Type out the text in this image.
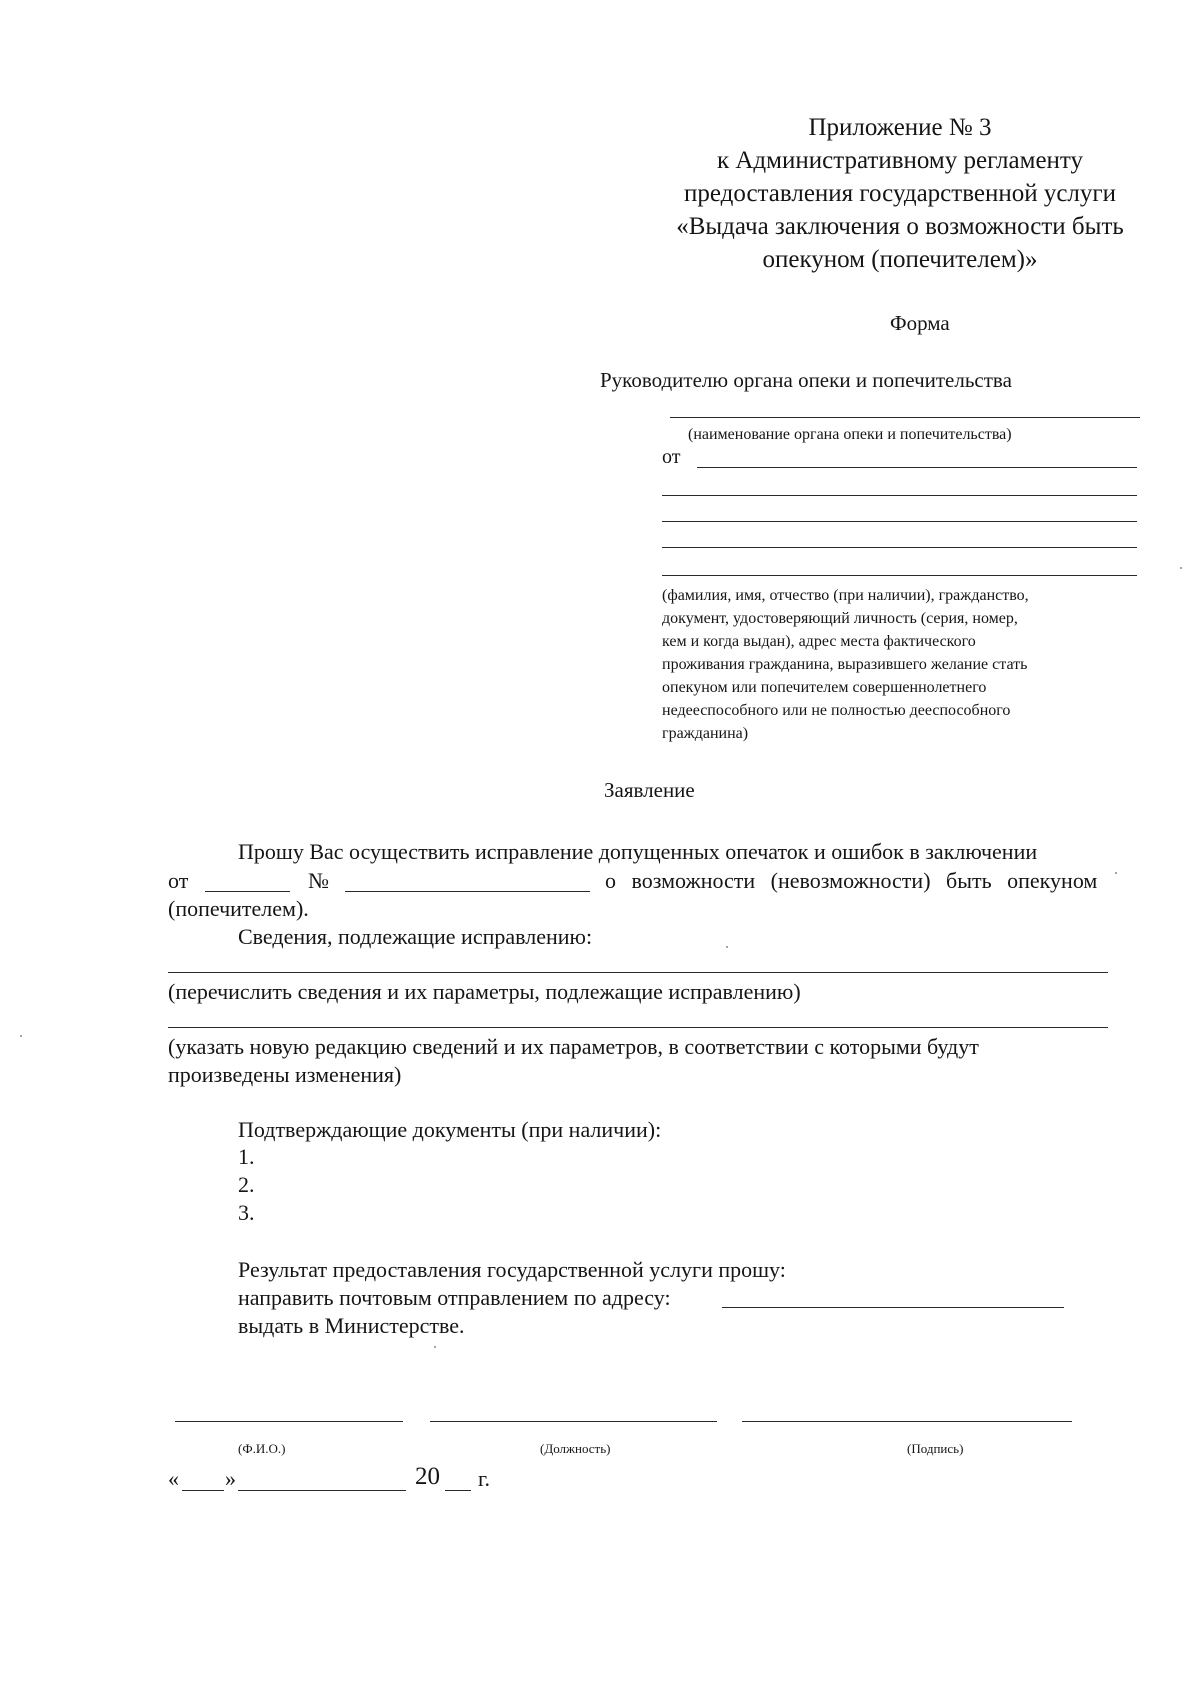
Приложение № 3
к Административному регламенту
предоставления государственной услуги
«Выдача заключения о возможности быть
опекуном (попечителем)»
Форма
Руководителю органа опеки и попечительства
(наименование органа опеки и попечительства)
от
(фамилия, имя, отчество (при наличии), гражданство,
документ, удостоверяющий личность (серия, номер,
кем и когда выдан), адрес места фактического
проживания гражданина, выразившего желание стать
опекуном или попечителем совершеннолетнего
недееспособного или не полностью дееспособного
гражданина)
Заявление
Прошу Вас осуществить исправление допущенных опечаток и ошибок в заключении
от	№	о возможности (невозможности) быть опекуном
(попечителем).
Сведения, подлежащие исправлению:
(перечислить сведения и их параметры, подлежащие исправлению)
(указать новую редакцию сведений и их параметров, в соответствии с которыми будут
произведены изменения)
Подтверждающие документы (при наличии):
1.
2.
3.
Результат предоставления государственной услуги прошу:
направить почтовым отправлением по адресу:
выдать в Министерстве.
(Ф.И.О.)	(Должность)	(Подпись)
« »	20 г.
